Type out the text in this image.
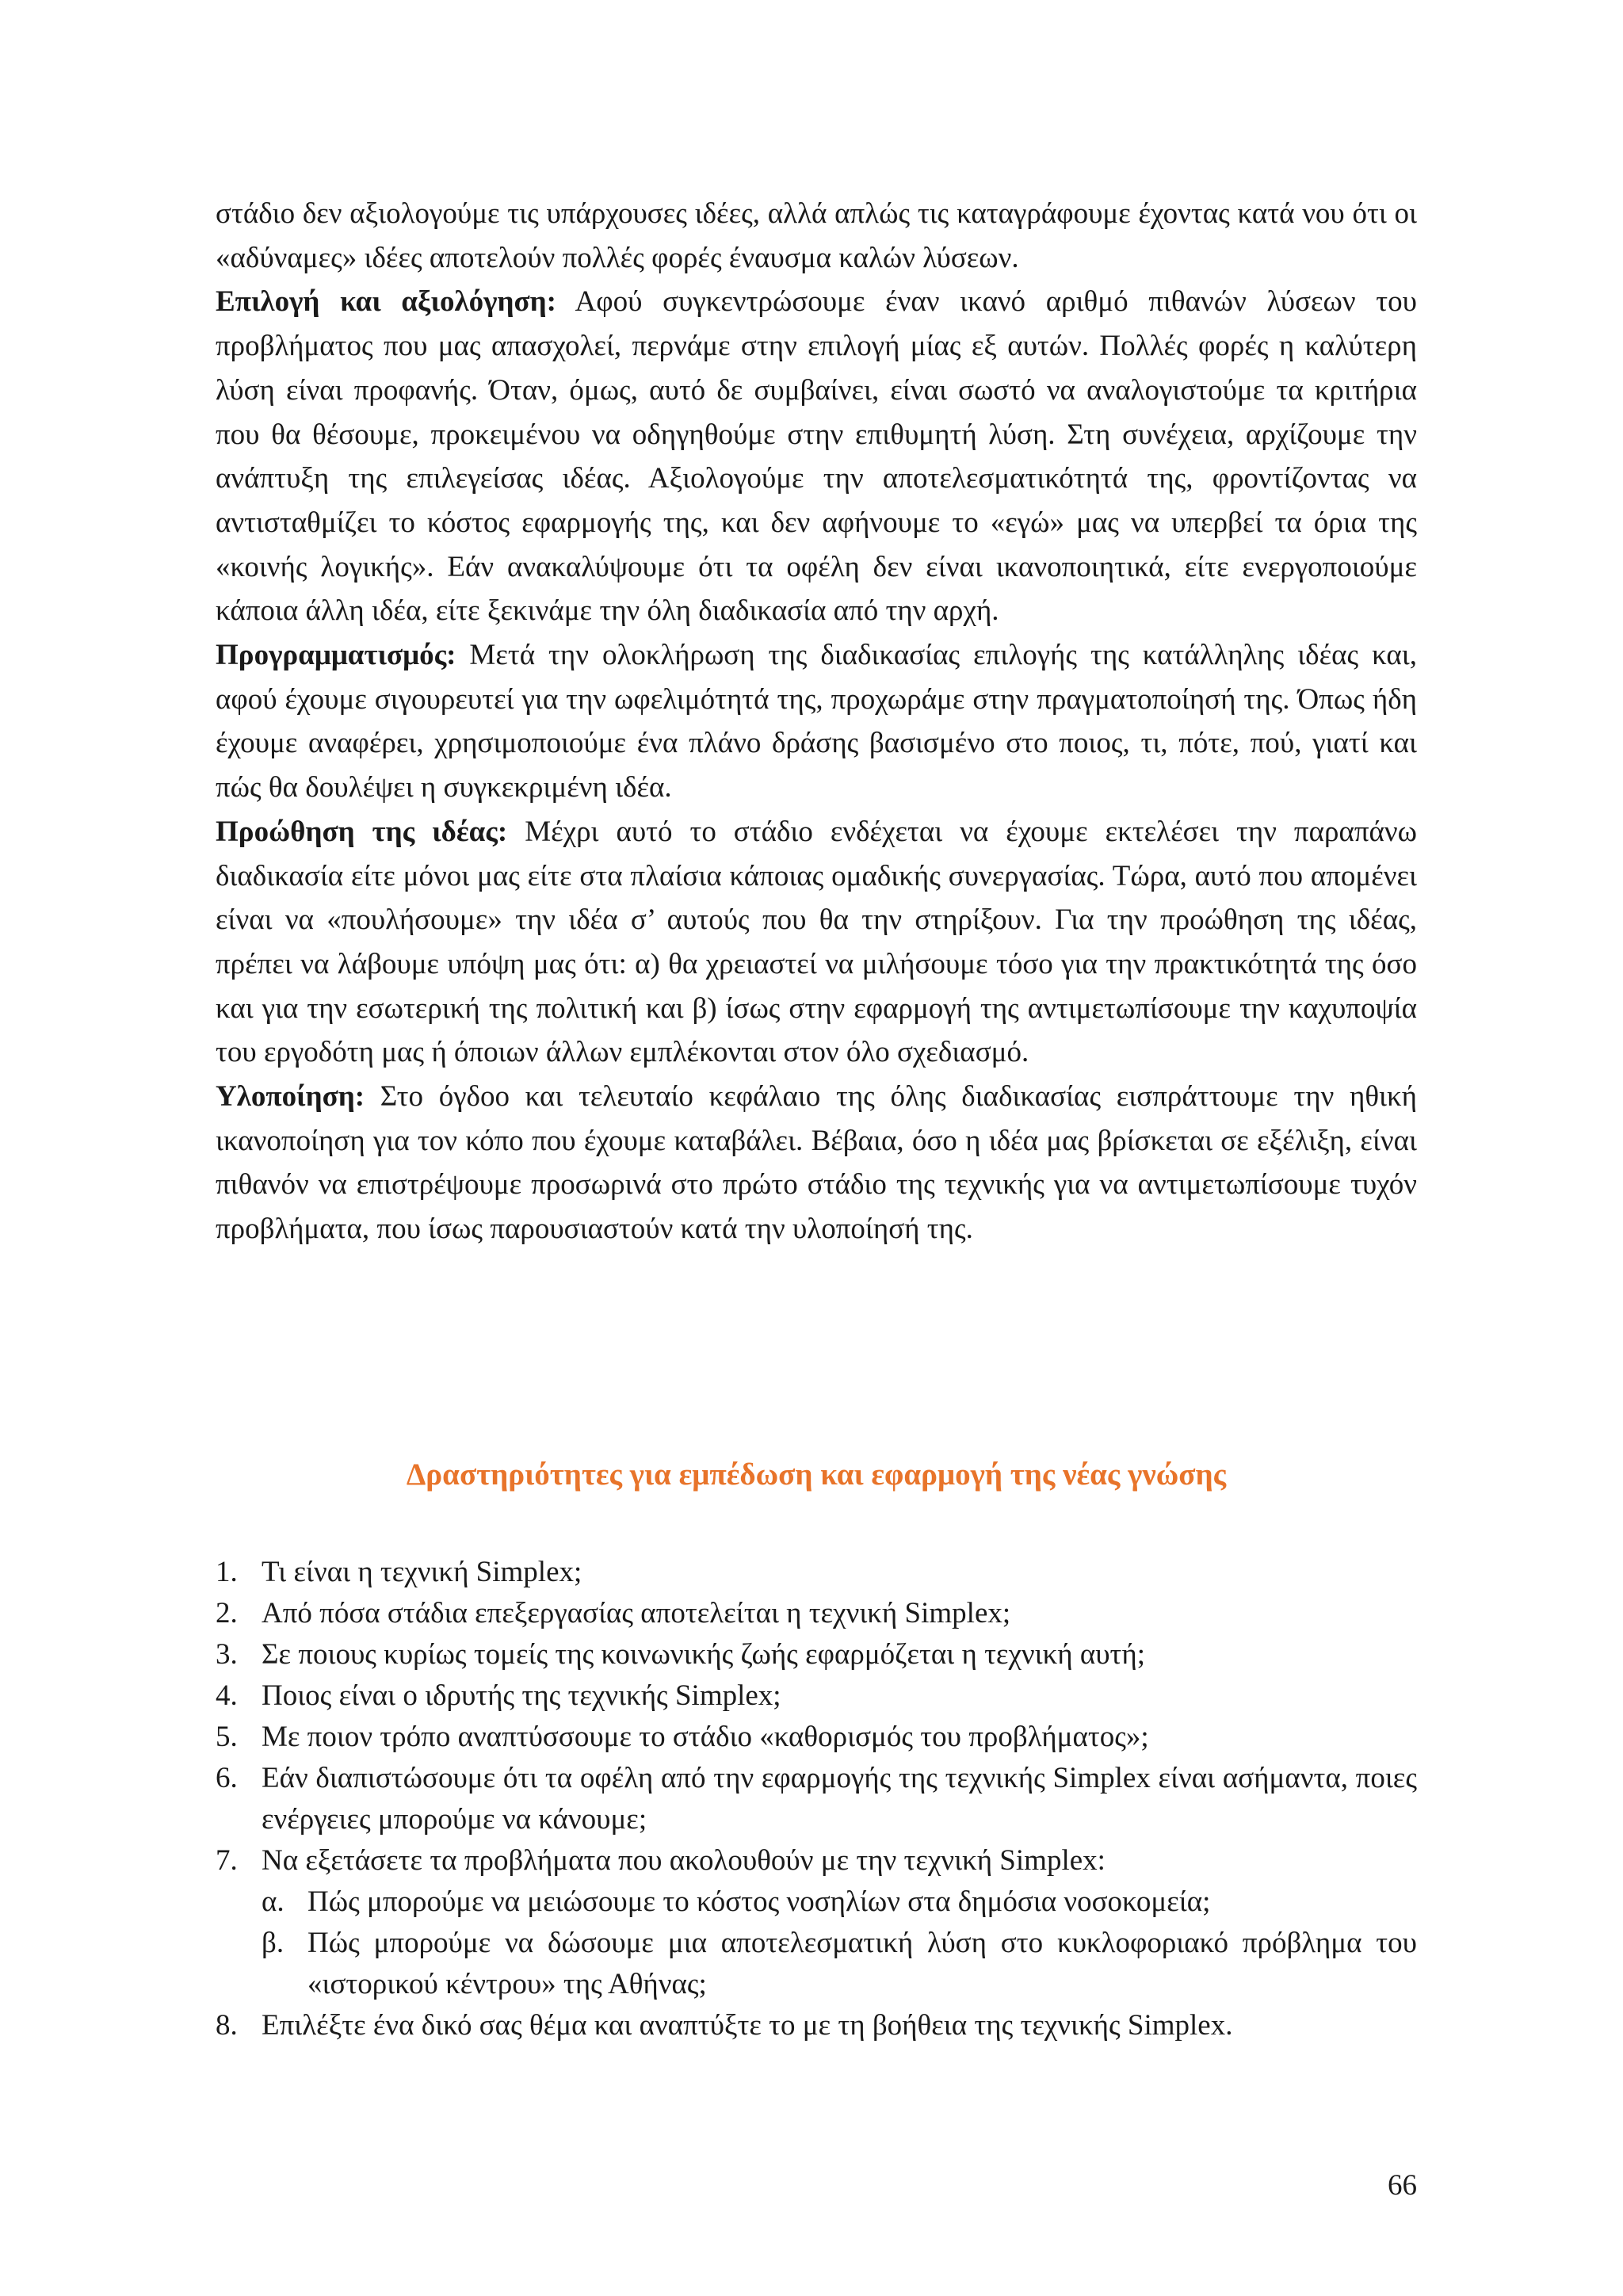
στάδιο δεν αξιολογούμε τις υπάρχουσες ιδέες, αλλά απλώς τις καταγράφουμε έχοντας κατά νου ότι οι «αδύναμες» ιδέες αποτελούν πολλές φορές έναυσμα καλών λύσεων.

Επιλογή και αξιολόγηση: Αφού συγκεντρώσουμε έναν ικανό αριθμό πιθανών λύσεων του προβλήματος που μας απασχολεί, περνάμε στην επιλογή μίας εξ αυτών. Πολλές φορές η καλύτερη λύση είναι προφανής. Όταν, όμως, αυτό δε συμβαίνει, είναι σωστό να αναλογιστούμε τα κριτήρια που θα θέσουμε, προκειμένου να οδηγηθούμε στην επιθυμητή λύση. Στη συνέχεια, αρχίζουμε την ανάπτυξη της επιλεγείσας ιδέας. Αξιολογούμε την αποτελεσματικότητά της, φροντίζοντας να αντισταθμίζει το κόστος εφαρμογής της, και δεν αφήνουμε το «εγώ» μας να υπερβεί τα όρια της «κοινής λογικής». Εάν ανακαλύψουμε ότι τα οφέλη δεν είναι ικανοποιητικά, είτε ενεργοποιούμε κάποια άλλη ιδέα, είτε ξεκινάμε την όλη διαδικασία από την αρχή.

Προγραμματισμός: Μετά την ολοκλήρωση της διαδικασίας επιλογής της κατάλληλης ιδέας και, αφού έχουμε σιγουρευτεί για την ωφελιμότητά της, προχωράμε στην πραγματοποίησή της. Όπως ήδη έχουμε αναφέρει, χρησιμοποιούμε ένα πλάνο δράσης βασισμένο στο ποιος, τι, πότε, πού, γιατί και πώς θα δουλέψει η συγκεκριμένη ιδέα.

Προώθηση της ιδέας: Μέχρι αυτό το στάδιο ενδέχεται να έχουμε εκτελέσει την παραπάνω διαδικασία είτε μόνοι μας είτε στα πλαίσια κάποιας ομαδικής συνεργασίας. Τώρα, αυτό που απομένει είναι να «πουλήσουμε» την ιδέα σ’ αυτούς που θα την στηρίξουν. Για την προώθηση της ιδέας, πρέπει να λάβουμε υπόψη μας ότι: α) θα χρειαστεί να μιλήσουμε τόσο για την πρακτικότητά της όσο και για την εσωτερική της πολιτική και β) ίσως στην εφαρμογή της αντιμετωπίσουμε την καχυποψία του εργοδότη μας ή όποιων άλλων εμπλέκονται στον όλο σχεδιασμό.

Υλοποίηση: Στο όγδοο και τελευταίο κεφάλαιο της όλης διαδικασίας εισπράττουμε την ηθική ικανοποίηση για τον κόπο που έχουμε καταβάλει. Βέβαια, όσο η ιδέα μας βρίσκεται σε εξέλιξη, είναι πιθανόν να επιστρέψουμε προσωρινά στο πρώτο στάδιο της τεχνικής για να αντιμετωπίσουμε τυχόν προβλήματα, που ίσως παρουσιαστούν κατά την υλοποίησή της.

Δραστηριότητες για εμπέδωση και εφαρμογή της νέας γνώσης
1. Τι είναι η τεχνική Simplex;
2. Από πόσα στάδια επεξεργασίας αποτελείται η τεχνική Simplex;
3. Σε ποιους κυρίως τομείς της κοινωνικής ζωής εφαρμόζεται η τεχνική αυτή;
4. Ποιος είναι ο ιδρυτής της τεχνικής Simplex;
5. Με ποιον τρόπο αναπτύσσουμε το στάδιο «καθορισμός του προβλήματος»;
6. Εάν διαπιστώσουμε ότι τα οφέλη από την εφαρμογής της τεχνικής Simplex είναι ασήμαντα, ποιες ενέργειες μπορούμε να κάνουμε;
7. Να εξετάσετε τα προβλήματα που ακολουθούν με την τεχνική Simplex:
α. Πώς μπορούμε να μειώσουμε το κόστος νοσηλίων στα δημόσια νοσοκομεία;
β. Πώς μπορούμε να δώσουμε μια αποτελεσματική λύση στο κυκλοφοριακό πρόβλημα του «ιστορικού κέντρου» της Αθήνας;
8. Επιλέξτε ένα δικό σας θέμα και αναπτύξτε το με τη βοήθεια της τεχνικής Simplex.

66
